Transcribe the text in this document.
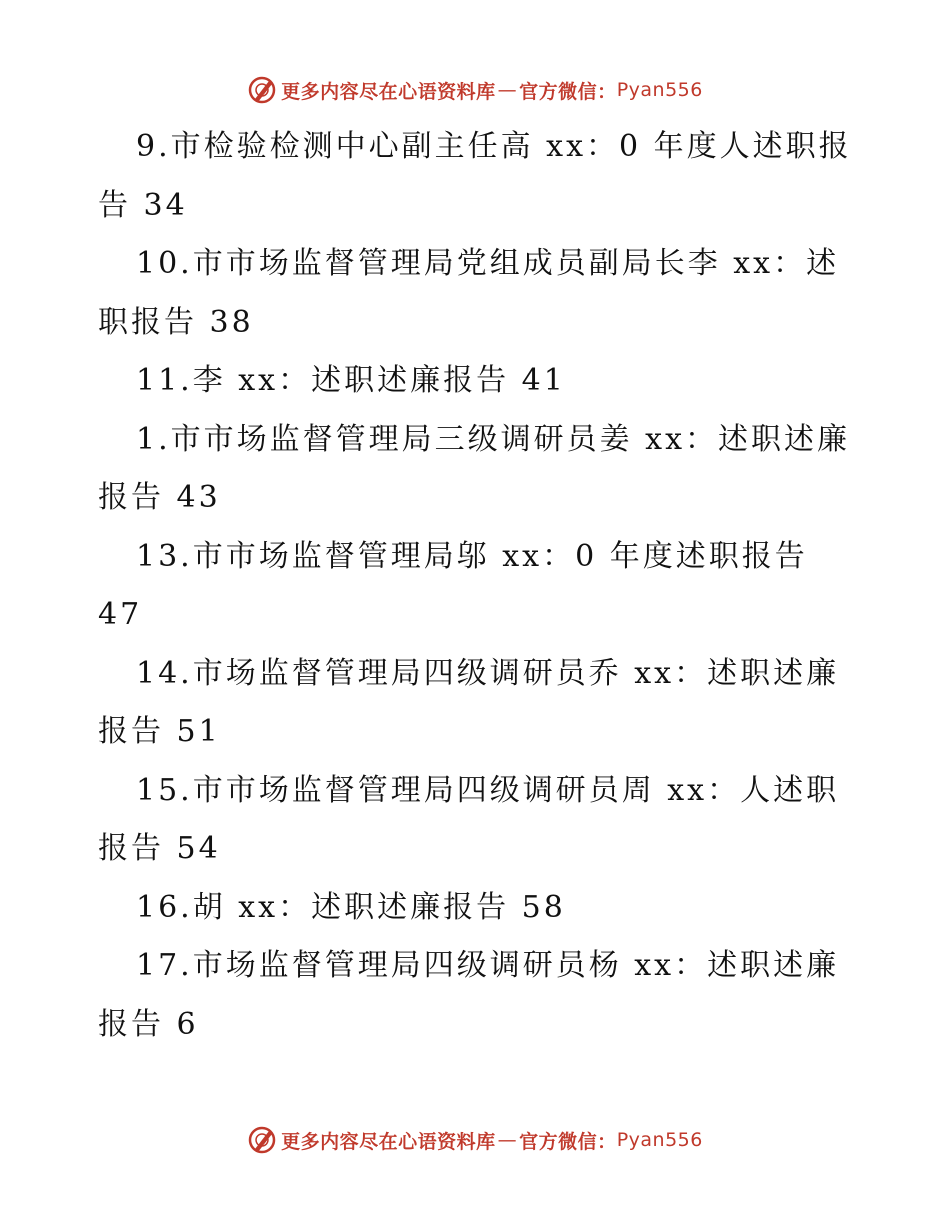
更多内容尽在心语资料库 — 官方微信： Pyan556

9.市检验检测中心副主任高 xx：0 年度人述职报告 34

10.市市场监督管理局党组成员副局长李 xx：述职报告 38

11.李 xx：述职述廉报告 41

1.市市场监督管理局三级调研员姜 xx：述职述廉报告 43

13.市市场监督管理局邬 xx：0 年度述职报告 47

14.市场监督管理局四级调研员乔 xx：述职述廉报告 51

15.市市场监督管理局四级调研员周 xx：人述职报告 54

16.胡 xx：述职述廉报告 58

17.市场监督管理局四级调研员杨 xx：述职述廉报告 6

更多内容尽在心语资料库 — 官方微信： Pyan556
